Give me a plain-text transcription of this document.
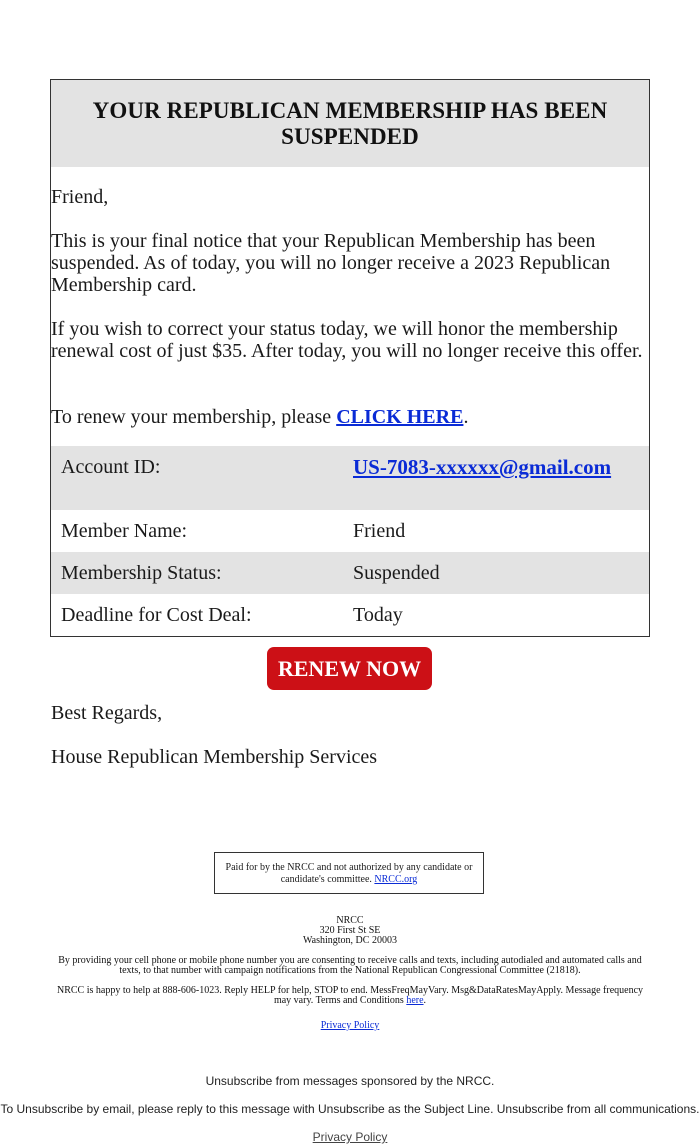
YOUR REPUBLICAN MEMBERSHIP HAS BEEN SUSPENDED

Friend,

This is your final notice that your Republican Membership has been suspended. As of today, you will no longer receive a 2023 Republican Membership card.

If you wish to correct your status today, we will honor the membership renewal cost of just $35. After today, you will no longer receive this offer.

To renew your membership, please CLICK HERE.

Account ID:	US-7083-xxxxxx@gmail.com
Member Name:	Friend
Membership Status:	Suspended
Deadline for Cost Deal:	Today
RENEW NOW
Best Regards,
House Republican Membership Services
Paid for by the NRCC and not authorized by any candidate or candidate's committee. NRCC.org
NRCC
320 First St SE
Washington, DC 20003
By providing your cell phone or mobile phone number you are consenting to receive calls and texts, including autodialed and automated calls and texts, to that number with campaign notifications from the National Republican Congressional Committee (21818).
NRCC is happy to help at 888-606-1023. Reply HELP for help, STOP to end. MessFreqMayVary. Msg&DataRatesMayApply. Message frequency may vary. Terms and Conditions here.
Privacy Policy
Unsubscribe from messages sponsored by the NRCC.
To Unsubscribe by email, please reply to this message with Unsubscribe as the Subject Line. Unsubscribe from all communications.
Privacy Policy
